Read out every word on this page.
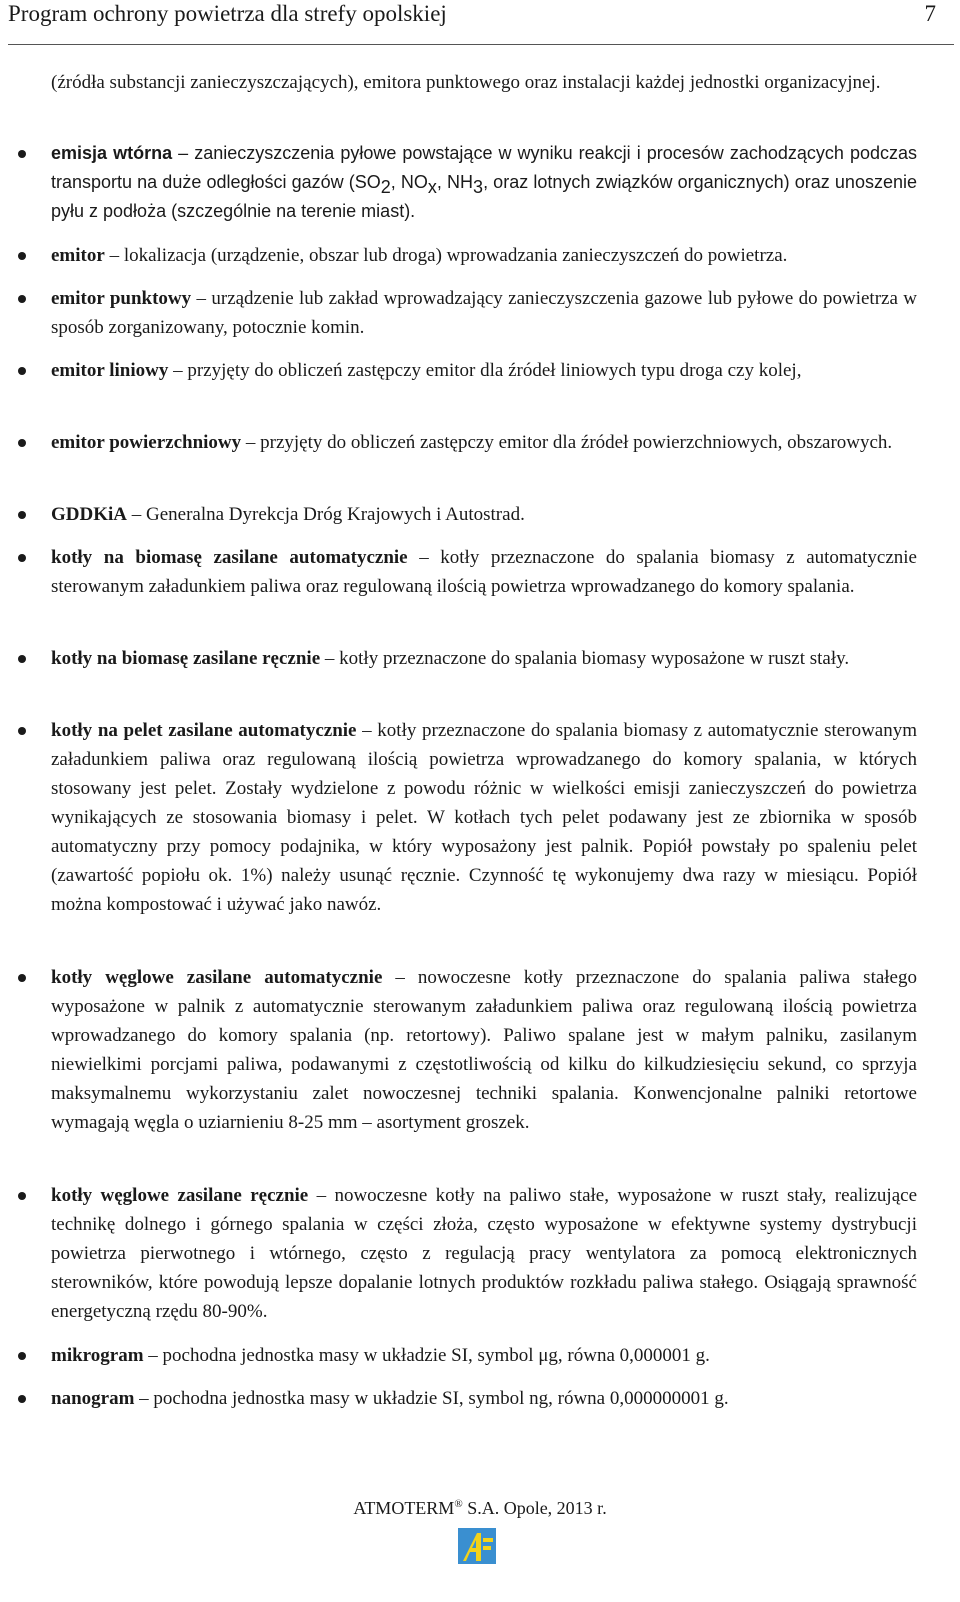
Program ochrony powietrza dla strefy opolskiej	7

(źródła substancji zanieczyszczających), emitora punktowego oraz instalacji każdej jednostki organizacyjnej.

emisja wtórna – zanieczyszczenia pyłowe powstające w wyniku reakcji i procesów zachodzących podczas transportu na duże odległości gazów ($SO_2$, $NO_x$, $NH_3$, oraz lotnych związków organicznych) oraz unoszenie pyłu z podłoża (szczególnie na terenie miast).
emitor – lokalizacja (urządzenie, obszar lub droga) wprowadzania zanieczyszczeń do powietrza.
emitor punktowy – urządzenie lub zakład wprowadzający zanieczyszczenia gazowe lub pyłowe do powietrza w sposób zorganizowany, potocznie komin.
emitor liniowy – przyjęty do obliczeń zastępczy emitor dla źródeł liniowych typu droga czy kolej,
emitor powierzchniowy – przyjęty do obliczeń zastępczy emitor dla źródeł powierzchniowych, obszarowych.
GDDKiA – Generalna Dyrekcja Dróg Krajowych i Autostrad.
kotły na biomasę zasilane automatycznie – kotły przeznaczone do spalania biomasy z automatycznie sterowanym załadunkiem paliwa oraz regulowaną ilością powietrza wprowadzanego do komory spalania.
kotły na biomasę zasilane ręcznie – kotły przeznaczone do spalania biomasy wyposażone w ruszt stały.
kotły na pelet zasilane automatycznie – kotły przeznaczone do spalania biomasy z automatycznie sterowanym załadunkiem paliwa oraz regulowaną ilością powietrza wprowadzanego do komory spalania, w których stosowany jest pelet. Zostały wydzielone z powodu różnic w wielkości emisji zanieczyszczeń do powietrza wynikających ze stosowania biomasy i pelet. W kotłach tych pelet podawany jest ze zbiornika w sposób automatyczny przy pomocy podajnika, w który wyposażony jest palnik. Popiół powstały po spaleniu pelet (zawartość popiołu ok. 1%) należy usunąć ręcznie. Czynność tę wykonujemy dwa razy w miesiącu. Popiół można kompostować i używać jako nawóz.
kotły węglowe zasilane automatycznie – nowoczesne kotły przeznaczone do spalania paliwa stałego wyposażone w palnik z automatycznie sterowanym załadunkiem paliwa oraz regulowaną ilością powietrza wprowadzanego do komory spalania (np. retortowy). Paliwo spalane jest w małym palniku, zasilanym niewielkimi porcjami paliwa, podawanymi z częstotliwością od kilku do kilkudziesięciu sekund, co sprzyja maksymalnemu wykorzystaniu zalet nowoczesnej techniki spalania. Konwencjonalne palniki retortowe wymagają węgla o uziarnieniu 8-25 mm – asortyment groszek.
kotły węglowe zasilane ręcznie – nowoczesne kotły na paliwo stałe, wyposażone w ruszt stały, realizujące technikę dolnego i górnego spalania w części złoża, często wyposażone w efektywne systemy dystrybucji powietrza pierwotnego i wtórnego, często z regulacją pracy wentylatora za pomocą elektronicznych sterowników, które powodują lepsze dopalanie lotnych produktów rozkładu paliwa stałego. Osiągają sprawność energetyczną rzędu 80-90%.
mikrogram – pochodna jednostka masy w układzie SI, symbol μg, równa 0,000001 g.
nanogram – pochodna jednostka masy w układzie SI, symbol ng, równa 0,000000001 g.
ATMOTERM® S.A. Opole, 2013 r.
